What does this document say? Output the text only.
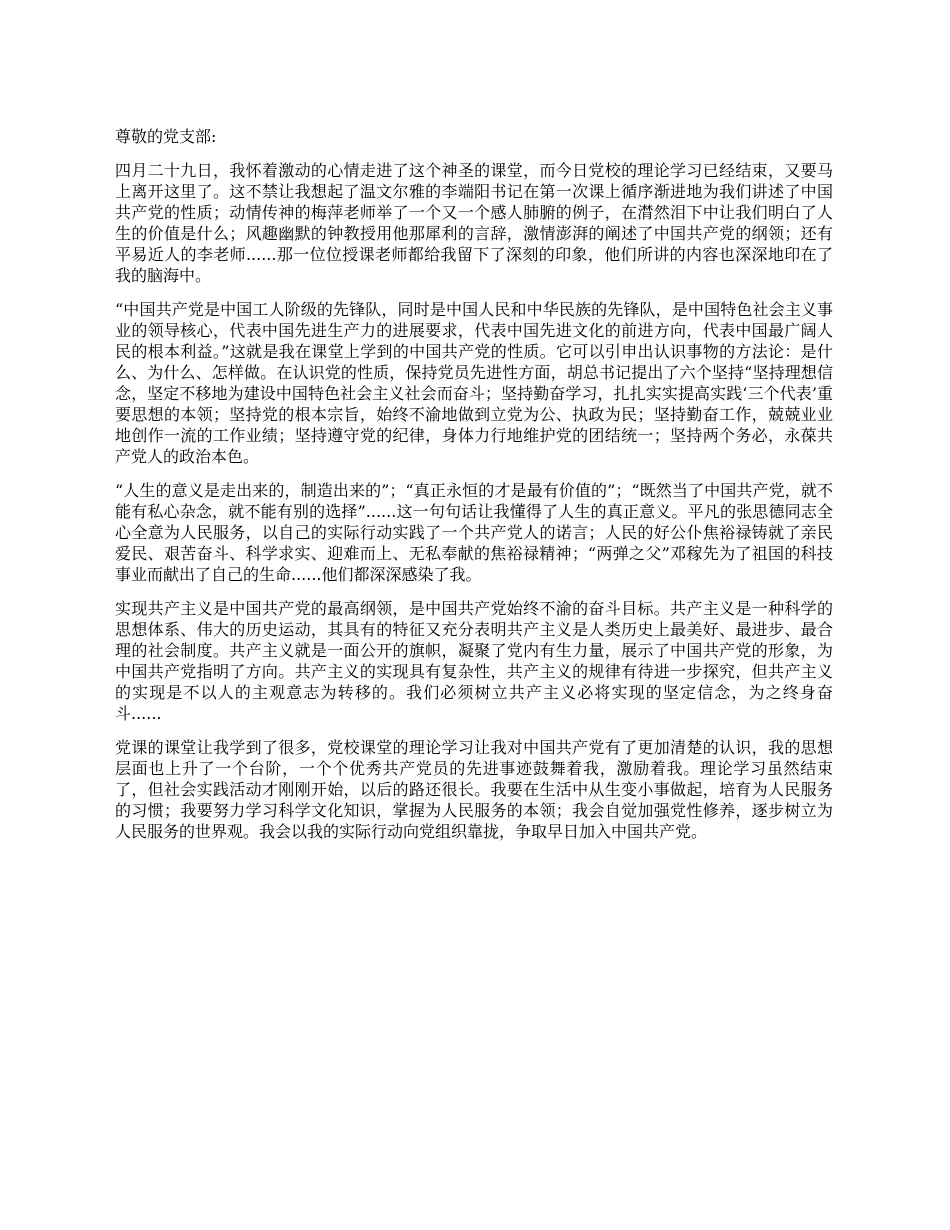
尊敬的党支部:

四月二十九日，我怀着激动的心情走进了这个神圣的课堂，而今日党校的理论学习已经结束，又要马上离开这里了。这不禁让我想起了温文尔雅的李端阳书记在第一次课上循序渐进地为我们讲述了中国共产党的性质；动情传神的梅萍老师举了一个又一个感人肺腑的例子，在潸然泪下中让我们明白了人生的价值是什么；风趣幽默的钟教授用他那犀利的言辞，激情澎湃的阐述了中国共产党的纲领；还有平易近人的李老师......那一位位授课老师都给我留下了深刻的印象，他们所讲的内容也深深地印在了我的脑海中。

“中国共产党是中国工人阶级的先锋队，同时是中国人民和中华民族的先锋队，是中国特色社会主义事业的领导核心，代表中国先进生产力的进展要求，代表中国先进文化的前进方向，代表中国最广阔人民的根本利益。”这就是我在课堂上学到的中国共产党的性质。它可以引申出认识事物的方法论：是什么、为什么、怎样做。在认识党的性质，保持党员先进性方面，胡总书记提出了六个坚持“坚持理想信念，坚定不移地为建设中国特色社会主义社会而奋斗；坚持勤奋学习，扎扎实实提高实践‘三个代表’重要思想的本领；坚持党的根本宗旨，始终不渝地做到立党为公、执政为民；坚持勤奋工作，兢兢业业地创作一流的工作业绩；坚持遵守党的纪律，身体力行地维护党的团结统一；坚持两个务必，永葆共产党人的政治本色。

“人生的意义是走出来的，制造出来的”；“真正永恒的才是最有价值的”；“既然当了中国共产党，就不能有私心杂念，就不能有别的选择”......这一句句话让我懂得了人生的真正意义。平凡的张思德同志全心全意为人民服务，以自己的实际行动实践了一个共产党人的诺言；人民的好公仆焦裕禄铸就了亲民爱民、艰苦奋斗、科学求实、迎难而上、无私奉献的焦裕禄精神；“两弹之父”邓稼先为了祖国的科技事业而献出了自己的生命......他们都深深感染了我。

实现共产主义是中国共产党的最高纲领，是中国共产党始终不渝的奋斗目标。共产主义是一种科学的思想体系、伟大的历史运动，其具有的特征又充分表明共产主义是人类历史上最美好、最进步、最合理的社会制度。共产主义就是一面公开的旗帜，凝聚了党内有生力量，展示了中国共产党的形象，为中国共产党指明了方向。共产主义的实现具有复杂性，共产主义的规律有待进一步探究，但共产主义的实现是不以人的主观意志为转移的。我们必须树立共产主义必将实现的坚定信念，为之终身奋斗......

党课的课堂让我学到了很多，党校课堂的理论学习让我对中国共产党有了更加清楚的认识，我的思想层面也上升了一个台阶，一个个优秀共产党员的先进事迹鼓舞着我，激励着我。理论学习虽然结束了，但社会实践活动才刚刚开始，以后的路还很长。我要在生活中从生变小事做起，培育为人民服务的习惯；我要努力学习科学文化知识，掌握为人民服务的本领；我会自觉加强党性修养，逐步树立为人民服务的世界观。我会以我的实际行动向党组织靠拢，争取早日加入中国共产党。
